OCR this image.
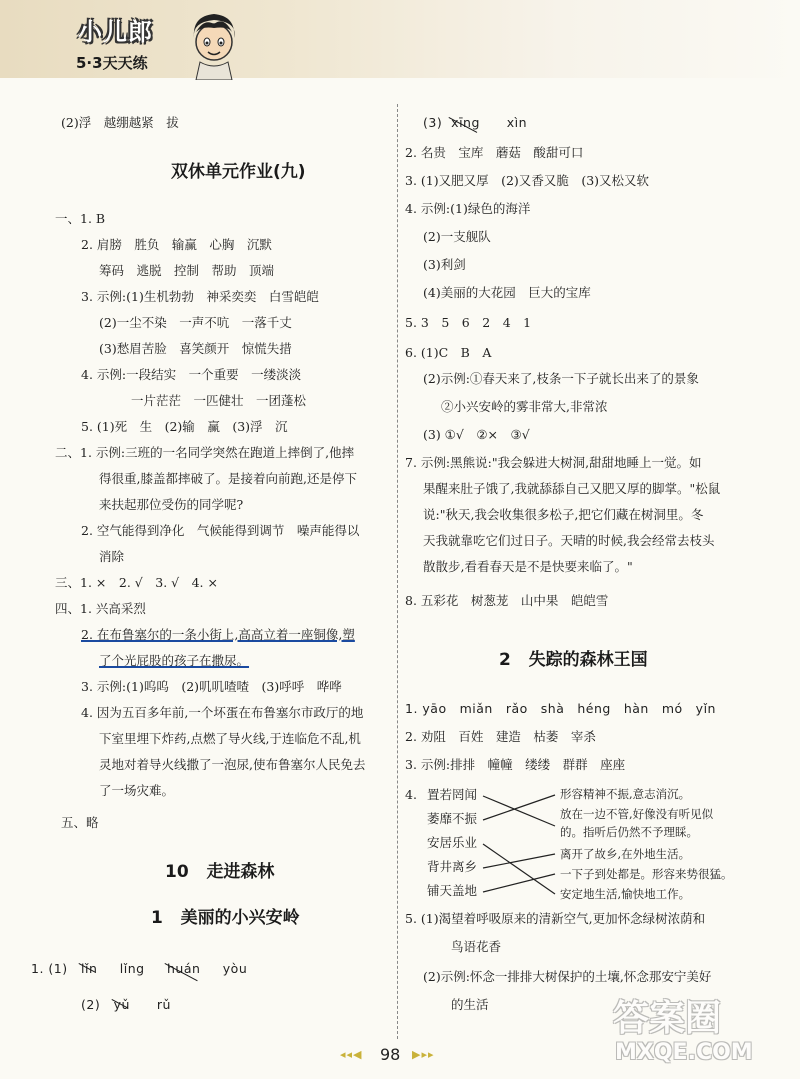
小儿郎
5·3天天练
(2)浮　越绷越紧　拔
双休单元作业(九)
一、1. B
2. 肩膀　胜负　输赢　心胸　沉默
筹码　逃脱　控制　帮助　顶端
3. 示例:(1)生机勃勃　神采奕奕　白雪皑皑
(2)一尘不染　一声不吭　一落千丈
(3)愁眉苦脸　喜笑颜开　惊慌失措
4. 示例:一段结实　一个重要　一缕淡淡
一片茫茫　一匹健壮　一团蓬松
5. (1)死　生　(2)输　赢　(3)浮　沉
二、1. 示例:三班的一名同学突然在跑道上摔倒了,他摔
得很重,膝盖都摔破了。是接着向前跑,还是停下
来扶起那位受伤的同学呢?
2. 空气能得到净化　气候能得到调节　噪声能得以
消除
三、1. ×　2. √　3. √　4. ×
四、1. 兴高采烈
2. 在布鲁塞尔的一条小街上,高高立着一座铜像,塑
了个光屁股的孩子在撒尿。
3. 示例:(1)呜呜　(2)叽叽喳喳　(3)呼呼　哗哗
4. 因为五百多年前,一个坏蛋在布鲁塞尔市政厅的地
下室里埋下炸药,点燃了导火线,于连临危不乱,机
灵地对着导火线撒了一泡尿,使布鲁塞尔人民免去
了一场灾难。
五、略
10 走进森林
1 美丽的小兴安岭
1. (1) lǐn lǐng huán yòu
(2) yǔ rǔ
(3) xīng xìn
2. 名贵　宝库　蘑菇　酸甜可口
3. (1)又肥又厚　(2)又香又脆　(3)又松又软
4. 示例:(1)绿色的海洋
(2)一支舰队
(3)利剑
(4)美丽的大花园　巨大的宝库
5. 3　5　6　2　4　1
6. (1)C　B　A
(2)示例:①春天来了,枝条一下子就长出来了的景象
②小兴安岭的雾非常大,非常浓
(3) ①√　②×　③√
7. 示例:黑熊说:"我会躲进大树洞,甜甜地睡上一觉。如
果醒来肚子饿了,我就舔舔自己又肥又厚的脚掌。"松鼠
说:"秋天,我会收集很多松子,把它们藏在树洞里。冬
天我就靠吃它们过日子。天晴的时候,我会经常去枝头
散散步,看看春天是不是快要来临了。"
8. 五彩花　树葱茏　山中果　皑皑雪
2 失踪的森林王国
1. yāo　miǎn　rǎo　shà　héng　hàn　mó　yǐn
2. 劝阻　百姓　建造　枯萎　宰杀
3. 示例:排排　幢幢　缕缕　群群　座座
4. 置若罔闻
萎靡不振
安居乐业
背井离乡
铺天盖地
形容精神不振,意志消沉。
放在一边不管,好像没有听见似
的。指听后仍然不予理睬。
离开了故乡,在外地生活。
一下子到处都是。形容来势很猛。
安定地生活,愉快地工作。
5. (1)渴望着呼吸原来的清新空气,更加怀念绿树浓荫和
鸟语花香
(2)示例:怀念一排排大树保护的土壤,怀念那安宁美好
的生活
◂◂◀ 98 ▶▸▸
答案圈
MXQE.COM
